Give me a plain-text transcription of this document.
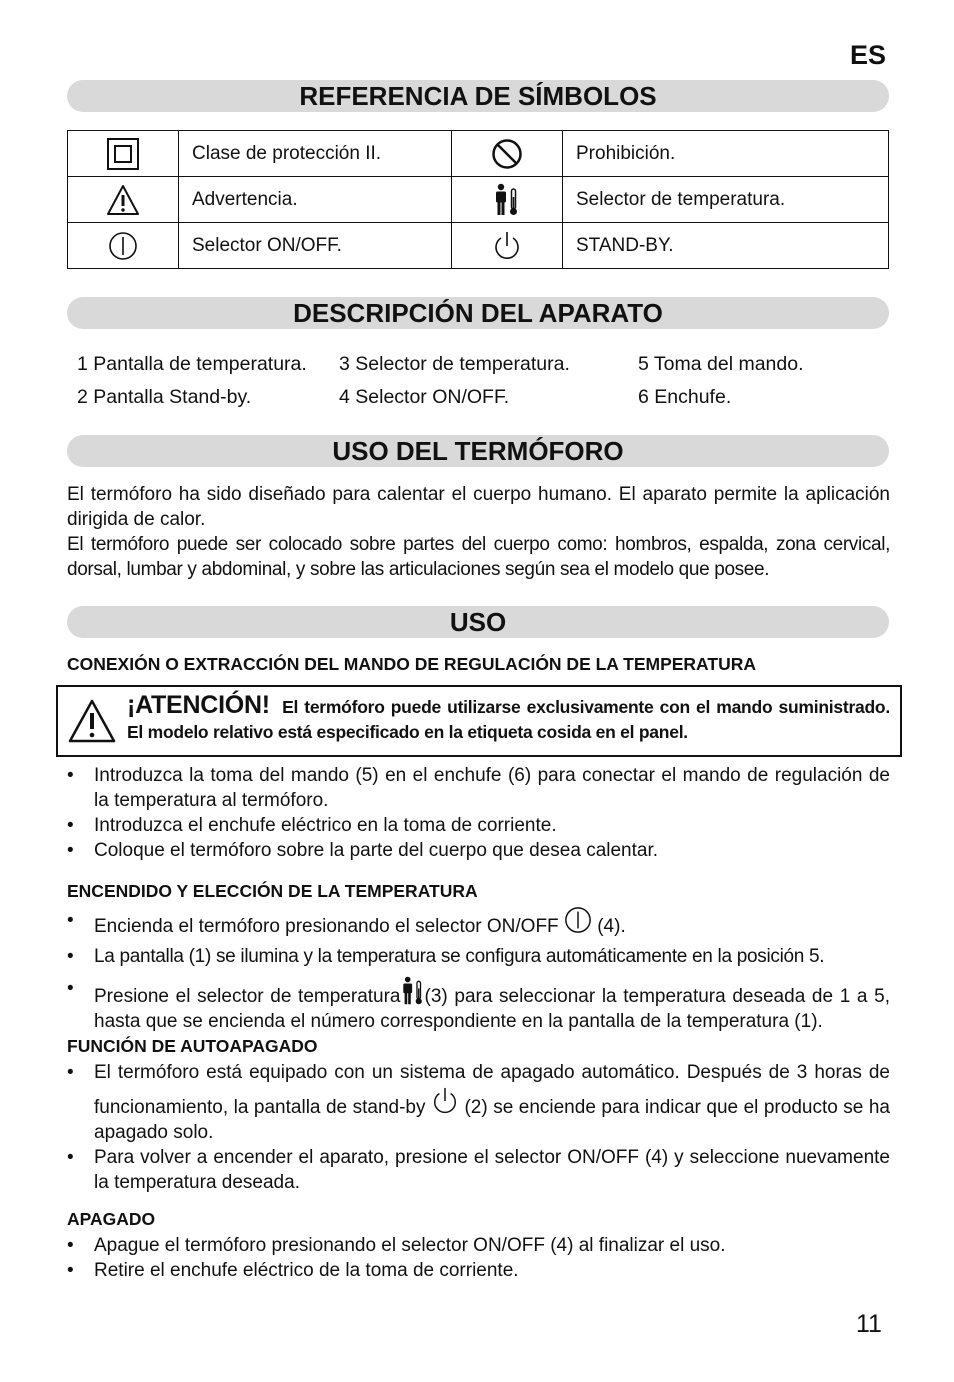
ES
REFERENCIA DE SÍMBOLOS
	Clase de protección II.		Prohibición.
	Advertencia.		Selector de temperatura.
	Selector ON/OFF.		STAND-BY.
DESCRIPCIÓN DEL APARATO
1 Pantalla de temperatura. 3 Selector de temperatura.	5 Toma del mando.
2 Pantalla Stand-by.	4 Selector ON/OFF.	6 Enchufe.
USO DEL TERMÓFORO

El termóforo ha sido diseñado para calentar el cuerpo humano. El aparato permite la aplicación dirigida de calor.

El termóforo puede ser colocado sobre partes del cuerpo como: hombros, espalda, zona cervical, dorsal, lumbar y abdominal, y sobre las articulaciones según sea el modelo que posee.

USO
CONEXIÓN O EXTRACCIÓN DEL MANDO DE REGULACIÓN DE LA TEMPERATURA
¡ATENCIÓN! El termóforo puede utilizarse exclusivamente con el mando suministrado. El modelo relativo está especificado en la etiqueta cosida en el panel.
• Introduzca la toma del mando (5) en el enchufe (6) para conectar el mando de regulación de la temperatura al termóforo.
• Introduzca el enchufe eléctrico en la toma de corriente.
• Coloque el termóforo sobre la parte del cuerpo que desea calentar.
ENCENDIDO Y ELECCIÓN DE LA TEMPERATURA
• Encienda el termóforo presionando el selector ON/OFF (4).
• La pantalla (1) se ilumina y la temperatura se configura automáticamente en la posición 5.
• Presione el selector de temperatura (3) para seleccionar la temperatura deseada de 1 a 5, hasta que se encienda el número correspondiente en la pantalla de la temperatura (1).
FUNCIÓN DE AUTOAPAGADO
• El termóforo está equipado con un sistema de apagado automático. Después de 3 horas de funcionamiento, la pantalla de stand-by (2) se enciende para indicar que el producto se ha apagado solo.
• Para volver a encender el aparato, presione el selector ON/OFF (4) y seleccione nuevamente la temperatura deseada.
APAGADO
• Apague el termóforo presionando el selector ON/OFF (4) al finalizar el uso.
• Retire el enchufe eléctrico de la toma de corriente.
11
